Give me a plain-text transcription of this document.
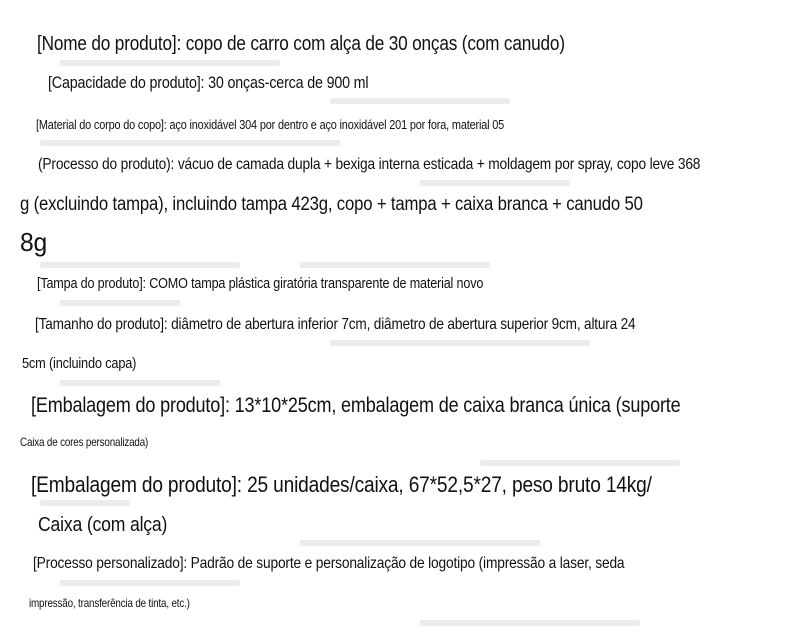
[Nome do produto]: copo de carro com alça de 30 onças (com canudo)
[Capacidade do produto]: 30 onças-cerca de 900 ml
[Material do corpo do copo]: aço inoxidável 304 por dentro e aço inoxidável 201 por fora, material 05
(Processo do produto): vácuo de camada dupla + bexiga interna esticada + moldagem por spray, copo leve 368
g (excluindo tampa), incluindo tampa 423g, copo + tampa + caixa branca + canudo 50
8g
[Tampa do produto]: COMO tampa plástica giratória transparente de material novo
[Tamanho do produto]: diâmetro de abertura inferior 7cm, diâmetro de abertura superior 9cm, altura 24
5cm (incluindo capa)
[Embalagem do produto]: 13*10*25cm, embalagem de caixa branca única (suporte
Caixa de cores personalizada)
[Embalagem do produto]: 25 unidades/caixa, 67*52,5*27, peso bruto 14kg/
Caixa (com alça)
[Processo personalizado]: Padrão de suporte e personalização de logotipo (impressão a laser, seda
impressão, transferência de tinta, etc.)
